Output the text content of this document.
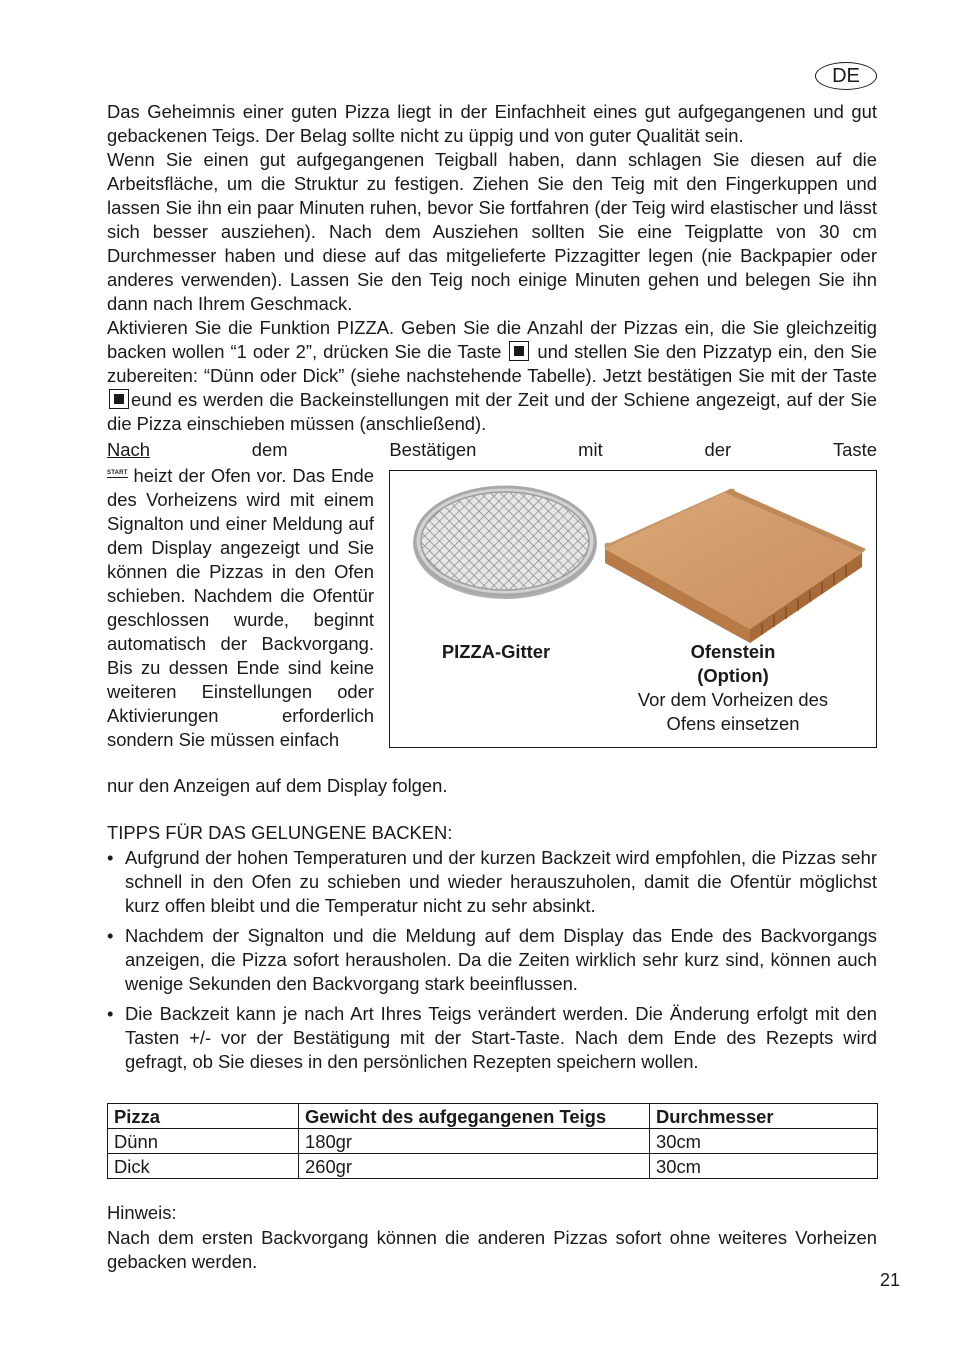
DE

Das Geheimnis einer guten Pizza liegt in der Einfachheit eines gut aufgegangenen und gut gebackenen Teigs. Der Belag sollte nicht zu üppig und von guter Qualität sein.

Wenn Sie einen gut aufgegangenen Teigball haben, dann schlagen Sie diesen auf die Arbeitsfläche, um die Struktur zu festigen. Ziehen Sie den Teig mit den Fingerkuppen und lassen Sie ihn ein paar Minuten ruhen, bevor Sie fortfahren (der Teig wird elastischer und lässt sich besser ausziehen). Nach dem Ausziehen sollten Sie eine Teigplatte von 30 cm Durchmesser haben und diese auf das mitgelieferte Pizzagitter legen (nie Backpapier oder anderes verwenden). Lassen Sie den Teig noch einige Minuten gehen und belegen Sie ihn dann nach Ihrem Geschmack.

Aktivieren Sie die Funktion PIZZA. Geben Sie die Anzahl der Pizzas ein, die Sie gleichzeitig backen wollen “1 oder 2”, drücken Sie die Taste und stellen Sie den Pizzatyp ein, den Sie zubereiten: “Dünn oder Dick” (siehe nachstehende Tabelle). Jetzt bestätigen Sie mit der Taste eund es werden die Backeinstellungen mit der Zeit und der Schiene angezeigt, auf der Sie die Pizza einschieben müssen (anschließend).

Nach	dem	Bestätigen	mit	der	Taste
START heizt der Ofen vor. Das Ende des Vorheizens wird mit einem Signalton und einer Meldung auf dem Display angezeigt und Sie können die Pizzas in den Ofen schieben. Nachdem die Ofentür geschlossen wurde, beginnt automatisch der Backvorgang. Bis zu dessen Ende sind keine weiteren Einstellungen oder Aktivierungen erforderlich sondern Sie müssen einfach
nur den Anzeigen auf dem Display folgen.
PIZZA-Gitter	Ofenstein
(Option)
Vor dem Vorheizen des
Ofens einsetzen
TIPPS FÜR DAS GELUNGENE BACKEN:
• Aufgrund der hohen Temperaturen und der kurzen Backzeit wird empfohlen, die Pizzas sehr schnell in den Ofen zu schieben und wieder herauszuholen, damit die Ofentür möglichst kurz offen bleibt und die Temperatur nicht zu sehr absinkt.
• Nachdem der Signalton und die Meldung auf dem Display das Ende des Backvorgangs anzeigen, die Pizza sofort herausholen. Da die Zeiten wirklich sehr kurz sind, können auch wenige Sekunden den Backvorgang stark beeinflussen.
• Die Backzeit kann je nach Art Ihres Teigs verändert werden. Die Änderung erfolgt mit den Tasten +/- vor der Bestätigung mit der Start-Taste. Nach dem Ende des Rezepts wird gefragt, ob Sie dieses in den persönlichen Rezepten speichern wollen.
Pizza	Gewicht des aufgegangenen Teigs	Durchmesser
Dünn	180gr	30cm
Dick	260gr	30cm
Hinweis:

Nach dem ersten Backvorgang können die anderen Pizzas sofort ohne weiteres Vorheizen gebacken werden.

21
